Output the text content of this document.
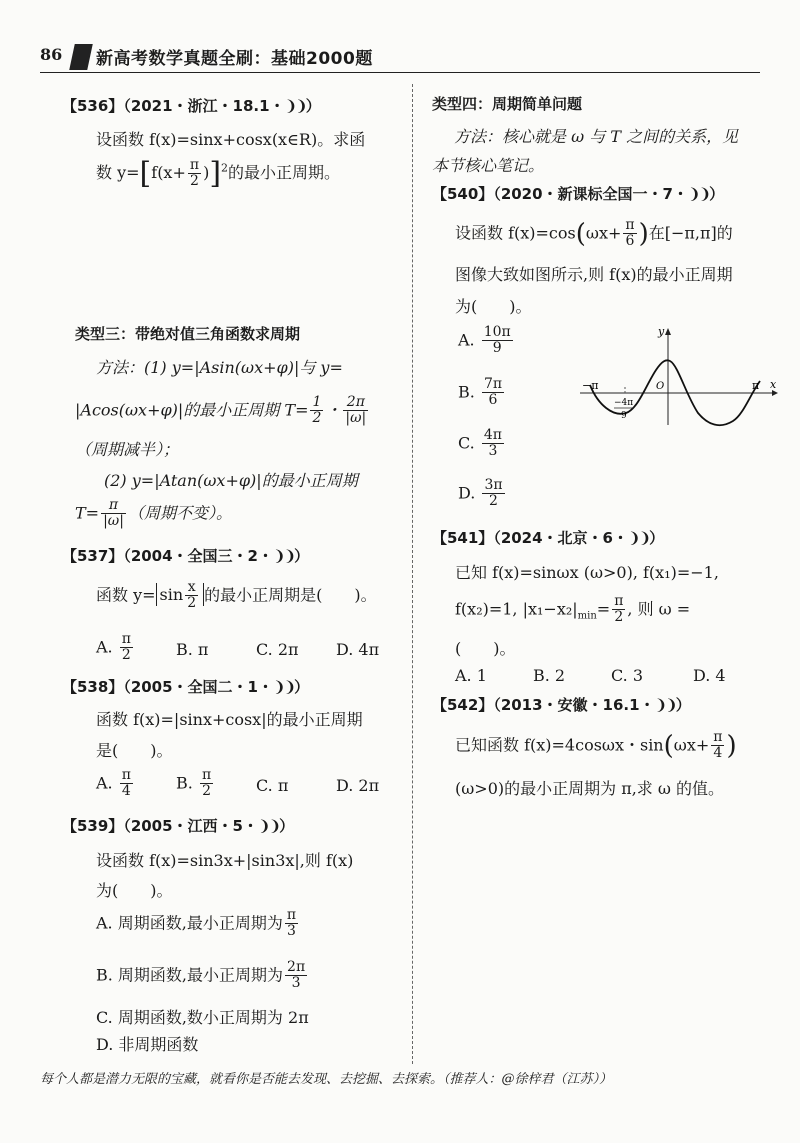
86 新高考数学真题全刷：基础2000题
【536】（2021・浙江・18.1・❩❩）
设函数 f(x)=sinx+cosx(x∈R)。求函
数 $y=[f(x+ \frac{\pi}{2} )]^2$的最小正周期。
类型三：带绝对值三角函数求周期
方法：(1) y=|Asin(ωx+φ)|与 y=
|Acos(ωx+φ)|的最小正周期 $T= \frac{1}{2}$ ・ $\frac{2\pi}{|\omega|}$
（周期减半）；
(2) y=|Atan(ωx+φ)|的最小正周期
$T= \frac{\pi}{|\omega|}$ （周期不变）。
【537】（2004・全国三・2・❩❩）
函数 $y= \sin \frac{x}{2}$ 的最小正周期是(　　)。
A. $\frac{\pi}{2}$	B. π	C. 2π D. 4π
【538】（2005・全国二・1・❩❩）
函数 f(x)=|sinx+cosx|的最小正周期
是(　　)。
A. $\frac{\pi}{4}$	B. $\frac{\pi}{2}$	C. π	D. 2π
【539】（2005・江西・5・❩❩）
设函数 f(x)=sin3x+|sin3x|,则 f(x)
为(　　)。
A. 周期函数,最小正周期为 $\frac{\pi}{3}$
B. 周期函数,最小正周期为 $\frac{2\pi}{3}$
C. 周期函数,数小正周期为 2π
D. 非周期函数
类型四：周期简单问题
方法：核心就是 ω 与 T 之间的关系，见
本节核心笔记。
【540】（2020・新课标全国一・7・❩❩）
设函数 $f(x)=\cos(\omega x+ \frac{\pi}{6}$ )在[−π,π]的
图像大致如图所示,则 f(x)的最小正周期
为(　　)。
A. $\frac{10\pi}{9}$
B. $\frac{7\pi}{6}$
C. $\frac{4\pi}{3}$
D. $\frac{3\pi}{2}$
−π	π x
y
O
−4π
9
【541】（2024・北京・6・❩❩）
已知 f(x)=sinωx (ω>0), f(x₁)=−1,
f(x₂)=1, $|x_1-x_2|_{min}= \frac{\pi}{2}$ , 则 ω =
(　　)。
A. 1	B. 2	C. 3	D. 4
【542】（2013・安徽・16.1・❩❩）
已知函数 f(x)=4cosωx・$\sin(\omega x+ \frac{\pi}{4}$ )
(ω>0)的最小正周期为 π,求 ω 的值。
每个人都是潜力无限的宝藏，就看你是否能去发现、去挖掘、去探索。（推荐人：@徐梓君（江苏））
